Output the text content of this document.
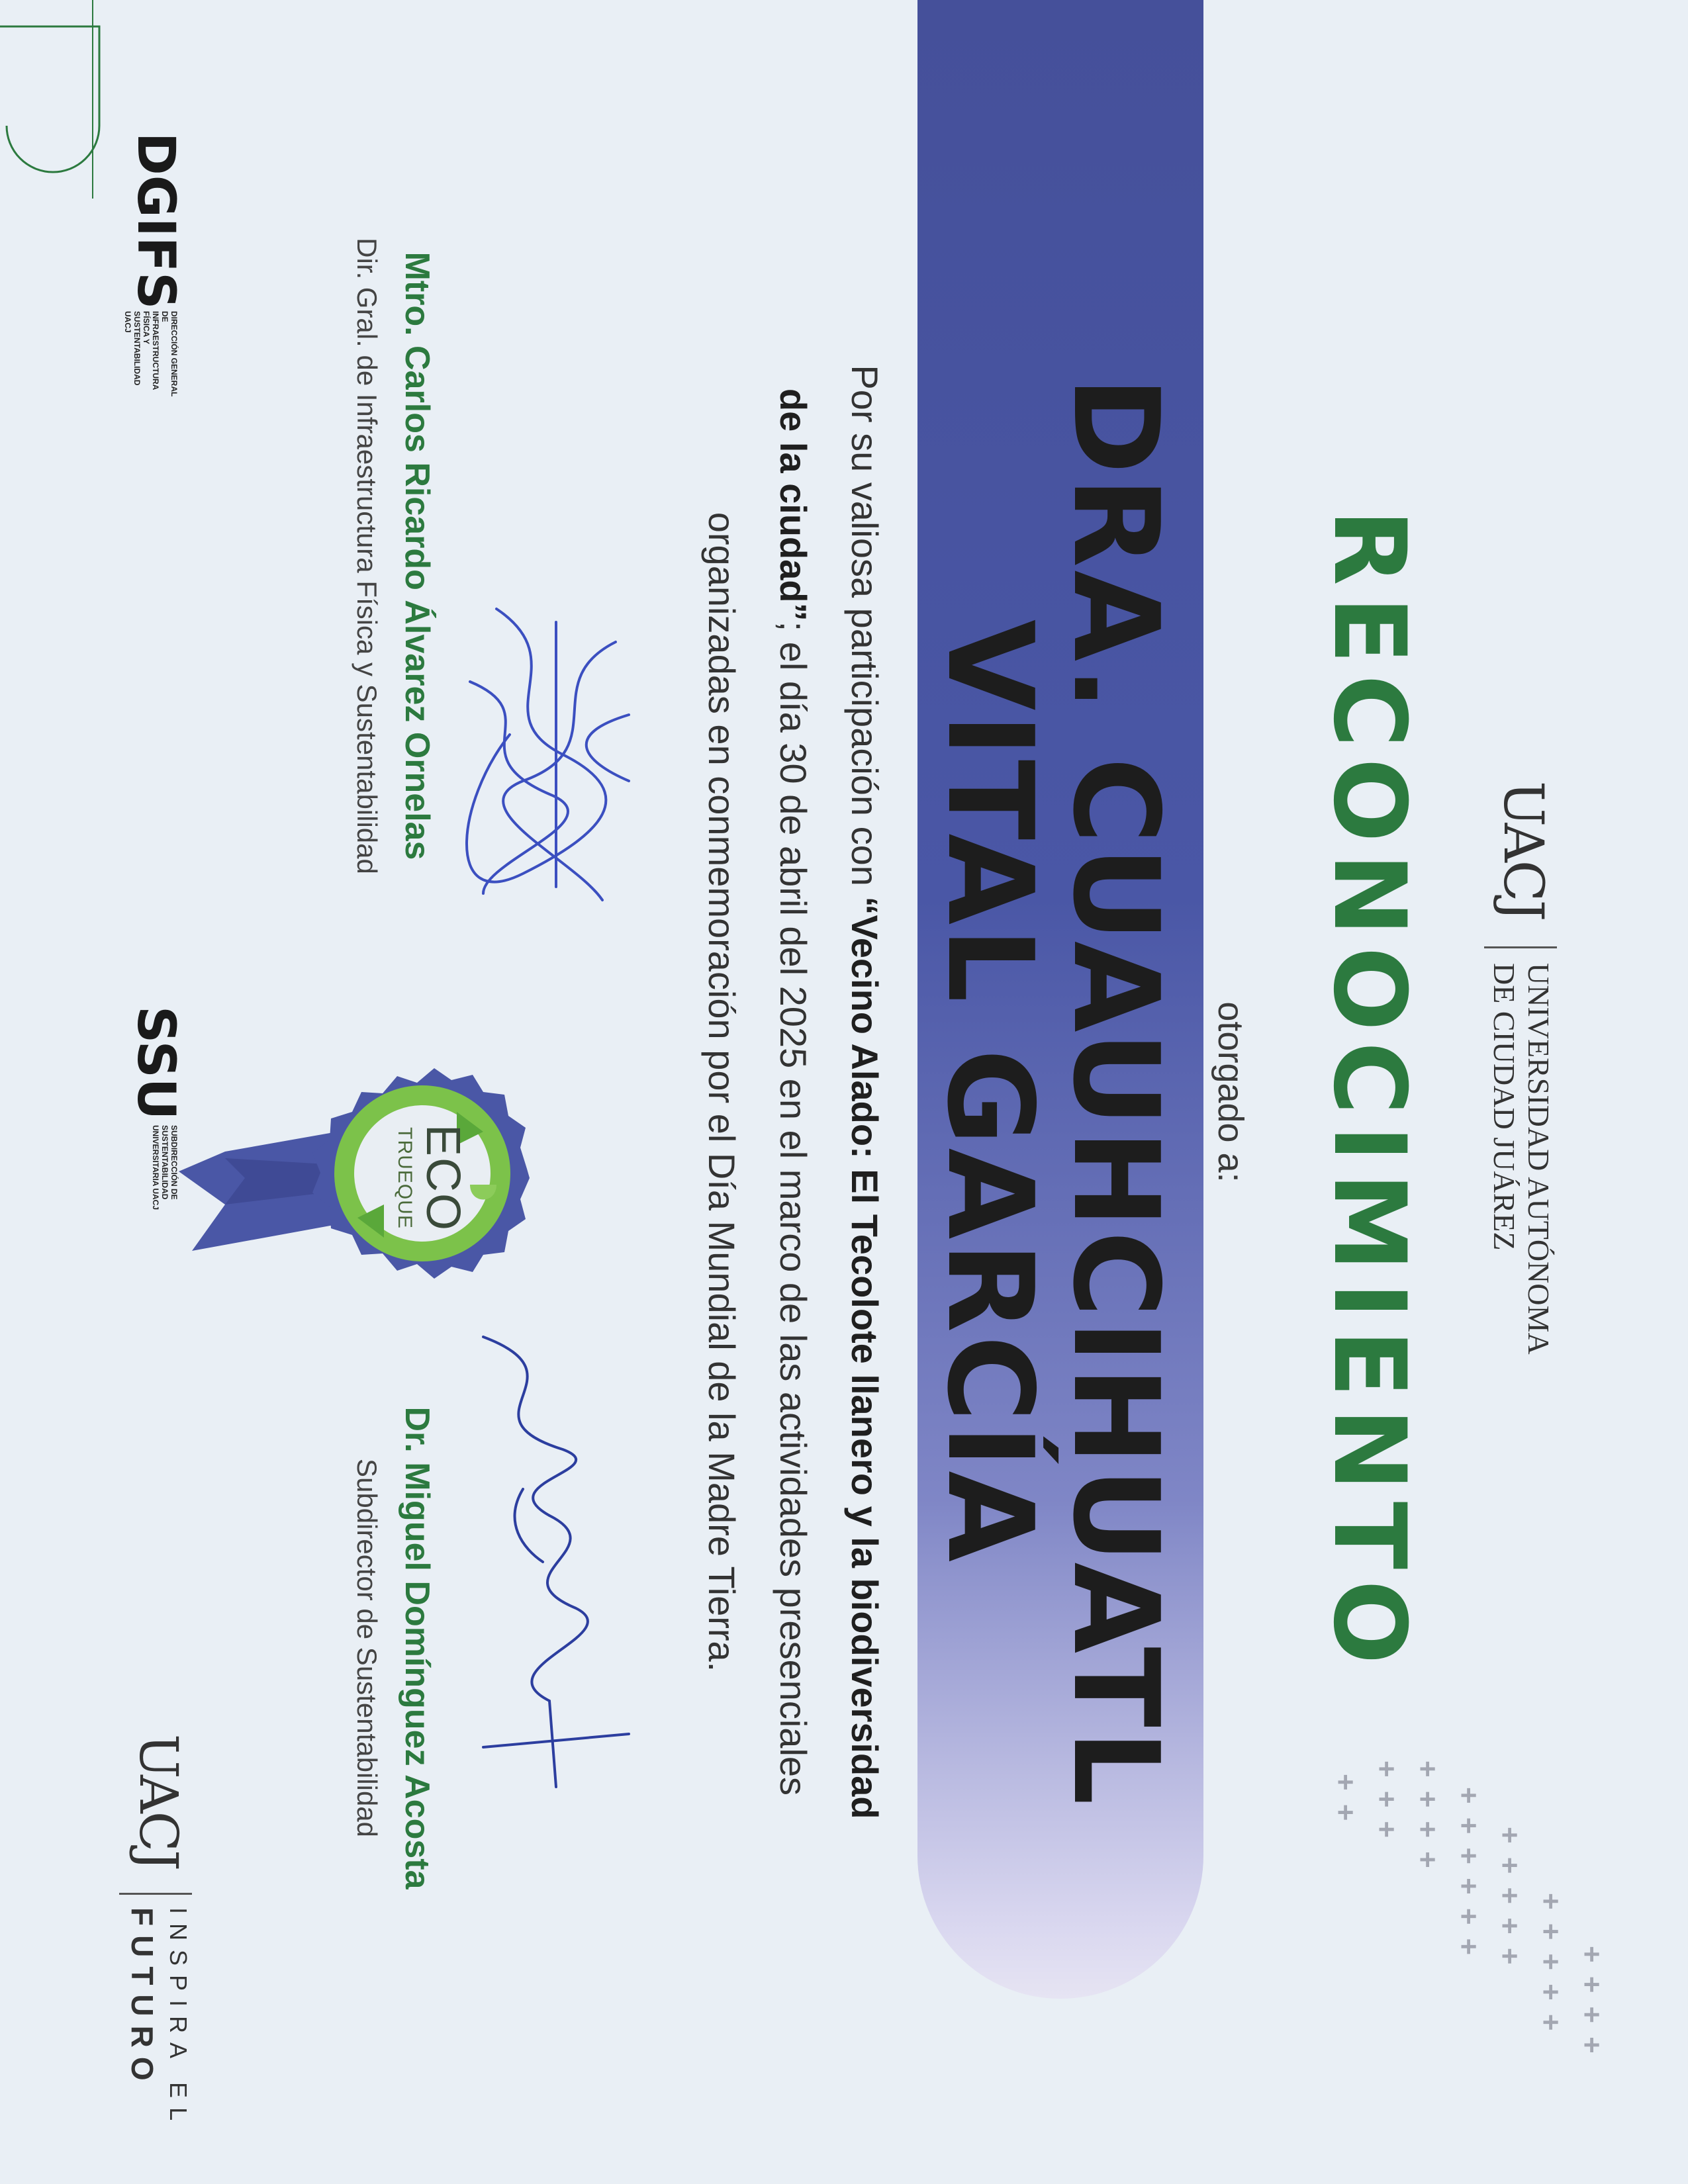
++++
+++++
+++++
++++++
++++
+++
++
UACJ
UNIVERSIDAD AUTÓNOMA
DE CIUDAD JUÁREZ
RECONOCIMIENTO
otorgado a:
DRA. CUAUHCIHUATL
VITAL GARCÍA
Por su valiosa participación con “Vecino Alado: El Tecolote llanero y la biodiversidad de la ciudad”; el día 30 de abril del 2025 en el marco de las actividades presenciales organizadas en conmemoración por el Día Mundial de la Madre Tierra.
Mtro. Carlos Ricardo Álvarez Ornelas
Dir. Gral. de Infraestructura Física y Sustentabilidad
Dr. Miguel Domínguez Acosta
Subdirector de Sustentabilidad
ECO
TRUEQUE
DGIFS
DIRECCIÓN GENERAL DE INFRAESTRUCTURA FÍSICA Y SUSTENTABILIDAD UACJ
SSU
SUBDIRECCIÓN DE SUSTENTABILIDAD UNIVERSITARIA UACJ
UACJ
INSPIRA EL
FUTURO
